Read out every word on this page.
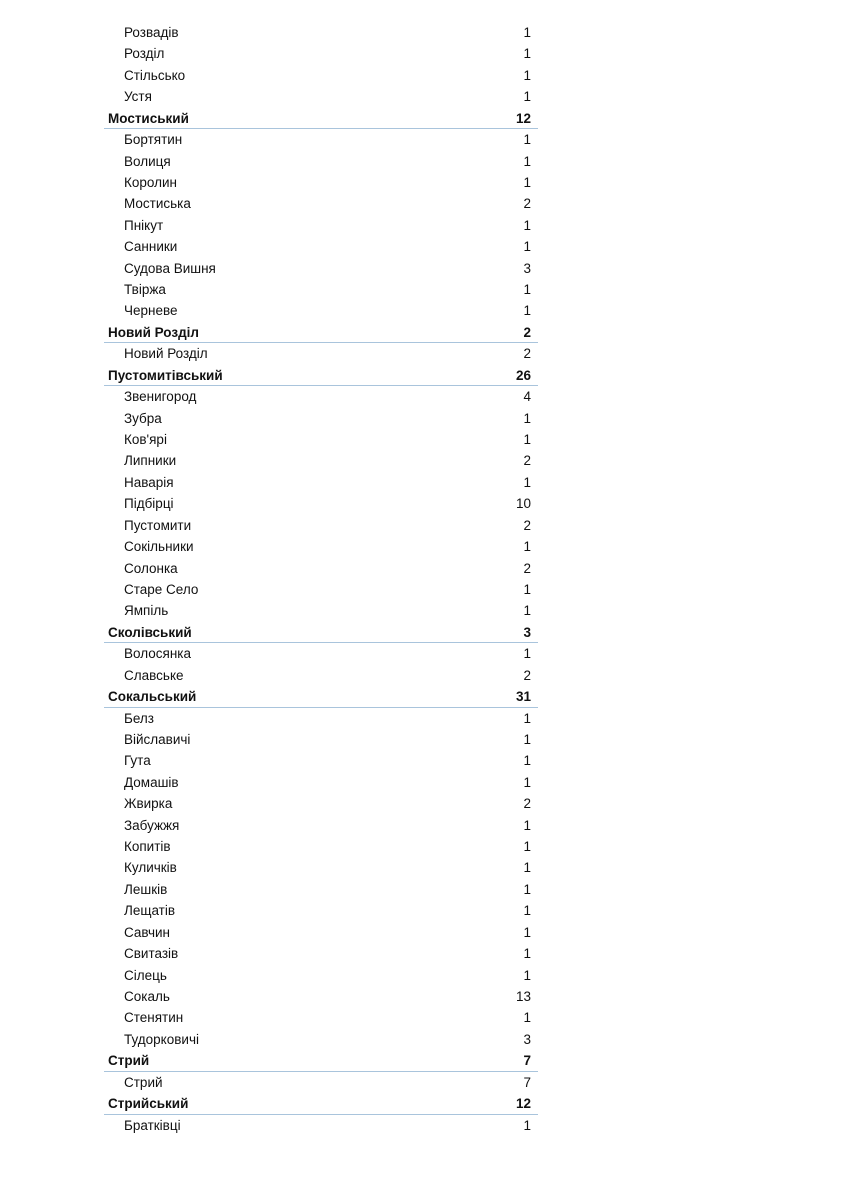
Розвадів	1
Розділ	1
Стільсько	1
Устя	1
Мостиський	12
Бортятин	1
Волиця	1
Королин	1
Мостиська	2
Пнікут	1
Санники	1
Судова Вишня	3
Твіржа	1
Черневе	1
Новий Розділ	2
Новий Розділ	2
Пустомитівський	26
Звенигород	4
Зубра	1
Ков'ярі	1
Липники	2
Наварія	1
Підбірці	10
Пустомити	2
Сокільники	1
Солонка	2
Старе Село	1
Ямпіль	1
Сколівський	3
Волосянка	1
Славське	2
Сокальський	31
Белз	1
Війславичі	1
Гута	1
Домашів	1
Жвирка	2
Забужжя	1
Копитів	1
Куличків	1
Лешків	1
Лещатів	1
Савчин	1
Свитазів	1
Сілець	1
Сокаль	13
Стенятин	1
Тудорковичі	3
Стрий	7
Стрий	7
Стрийський	12
Братківці	1
